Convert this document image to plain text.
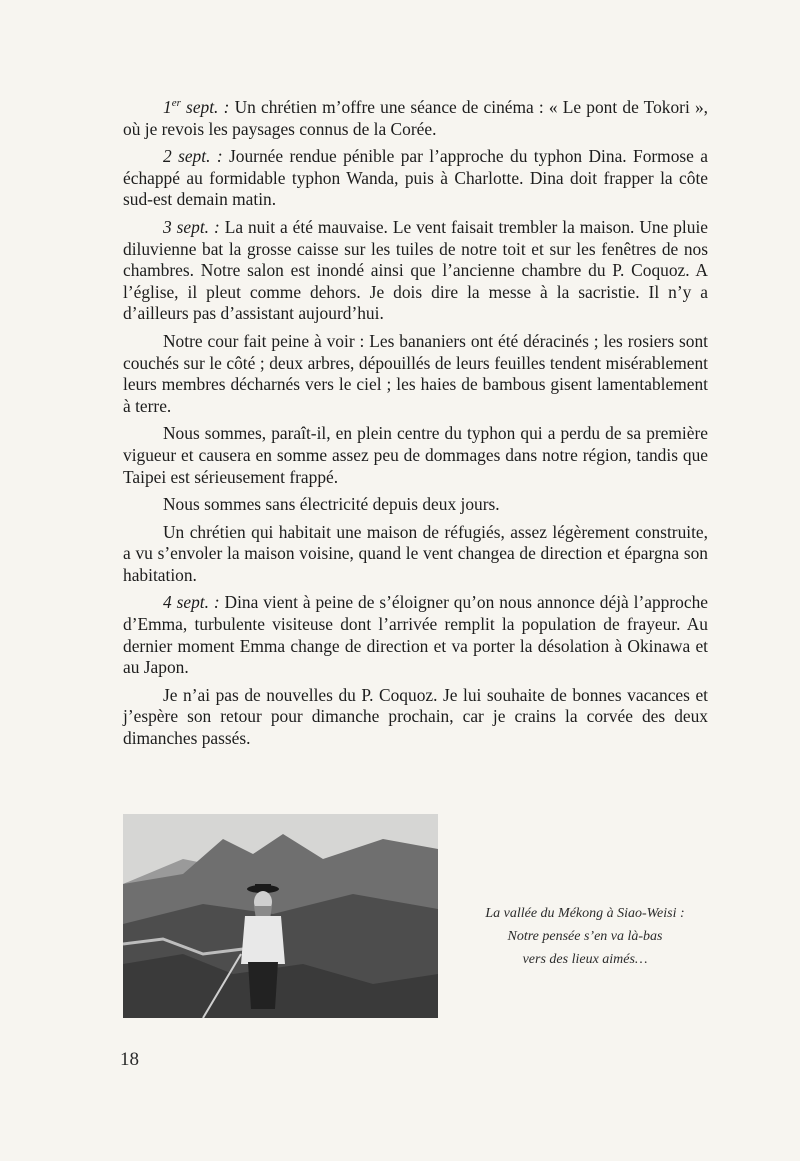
1er sept. : Un chrétien m’offre une séance de cinéma : « Le pont de Tokori », où je revois les paysages connus de la Corée.

2 sept. : Journée rendue pénible par l’approche du typhon Dina. Formose a échappé au formidable typhon Wanda, puis à Charlotte. Dina doit frapper la côte sud-est demain matin.

3 sept. : La nuit a été mauvaise. Le vent faisait trembler la maison. Une pluie diluvienne bat la grosse caisse sur les tuiles de notre toit et sur les fenêtres de nos chambres. Notre salon est inondé ainsi que l’ancienne chambre du P. Coquoz. A l’église, il pleut comme dehors. Je dois dire la messe à la sacristie. Il n’y a d’ailleurs pas d’assistant aujourd’hui.

Notre cour fait peine à voir : Les bananiers ont été déracinés ; les rosiers sont couchés sur le côté ; deux arbres, dépouillés de leurs feuilles tendent misérablement leurs membres décharnés vers le ciel ; les haies de bambous gisent lamentablement à terre.

Nous sommes, paraît-il, en plein centre du typhon qui a perdu de sa première vigueur et causera en somme assez peu de dommages dans notre région, tandis que Taipei est sérieusement frappé.

Nous sommes sans électricité depuis deux jours.

Un chrétien qui habitait une maison de réfugiés, assez légèrement construite, a vu s’envoler la maison voisine, quand le vent changea de direction et épargna son habitation.

4 sept. : Dina vient à peine de s’éloigner qu’on nous annonce déjà l’approche d’Emma, turbulente visiteuse dont l’arrivée remplit la population de frayeur. Au dernier moment Emma change de direction et va porter la désolation à Okinawa et au Japon.

Je n’ai pas de nouvelles du P. Coquoz. Je lui souhaite de bonnes vacances et j’espère son retour pour dimanche prochain, car je crains la corvée des deux dimanches passés.

La vallée du Mékong à Siao-Weisi :
Notre pensée s’en va là-bas
vers des lieux aimés…
18
